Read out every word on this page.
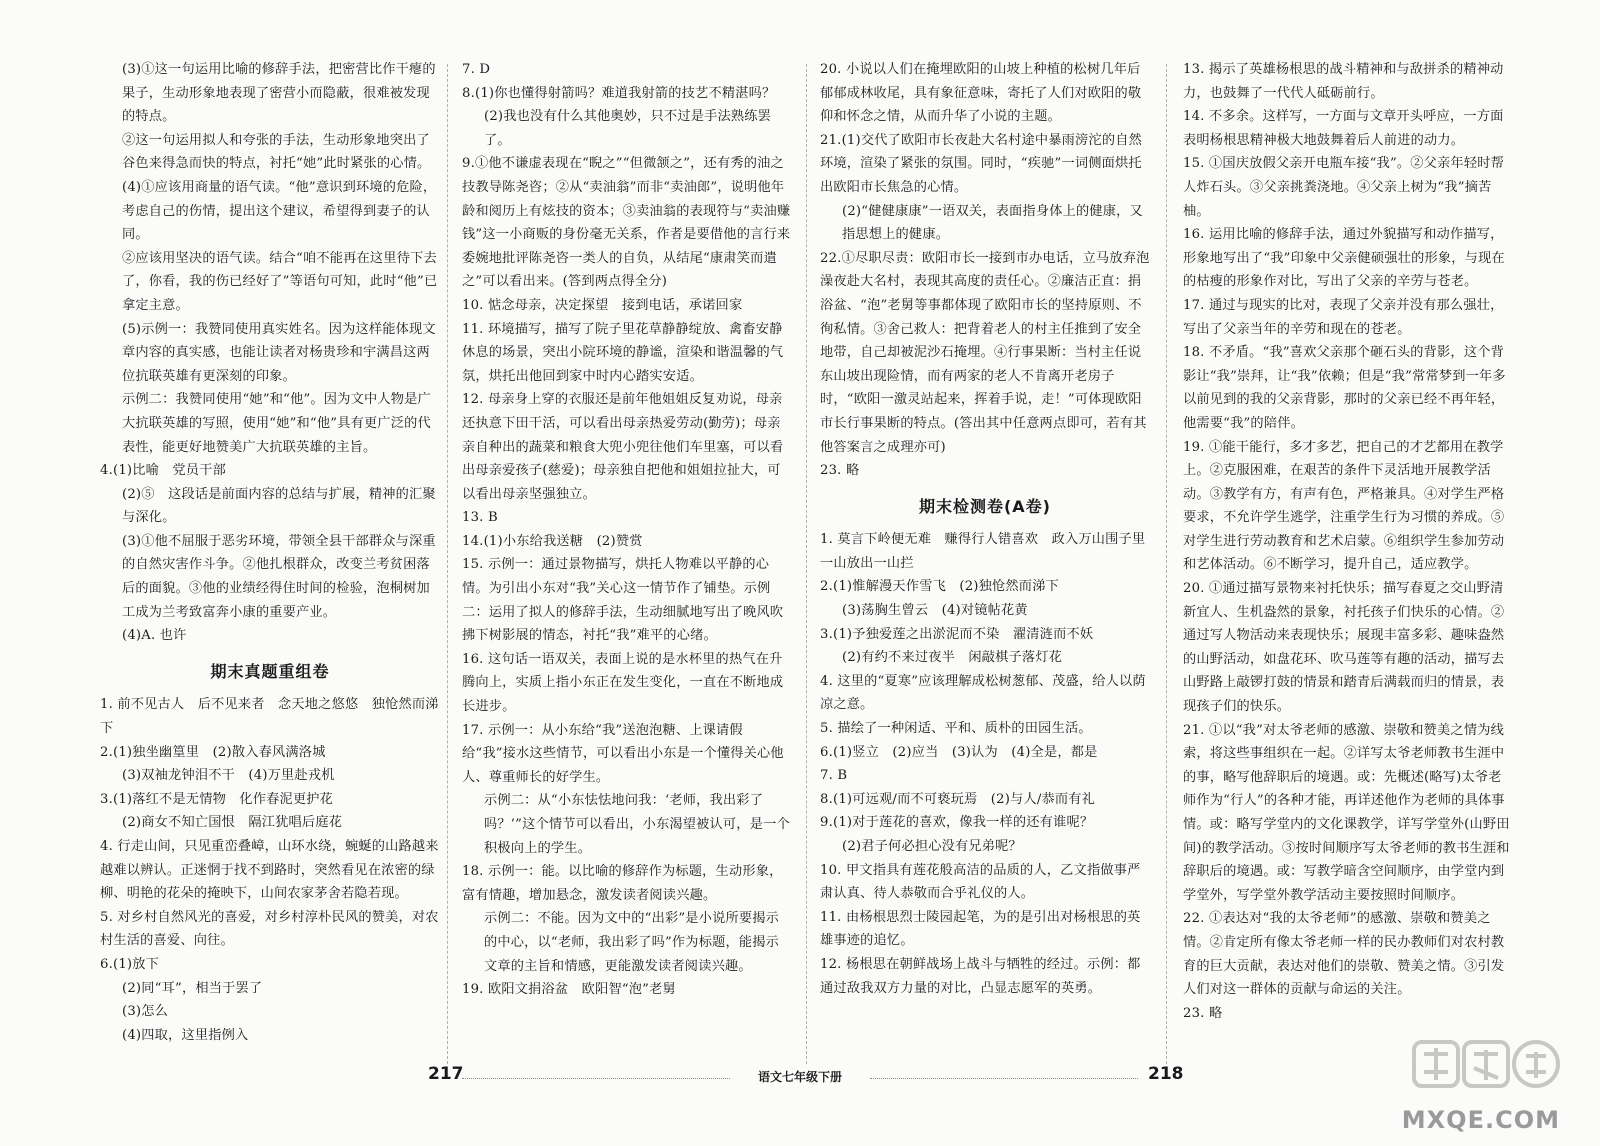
(3)①这一句运用比喻的修辞手法，把密营比作干瘪的果子，生动形象地表现了密营小而隐蔽，很难被发现的特点。

②这一句运用拟人和夸张的手法，生动形象地突出了谷色来得急而快的特点，衬托“她”此时紧张的心情。

(4)①应该用商量的语气读。“他”意识到环境的危险，考虑自己的伤情，提出这个建议，希望得到妻子的认同。

②应该用坚决的语气读。结合“咱不能再在这里待下去了，你看，我的伤已经好了”等语句可知，此时“他”已拿定主意。

(5)示例一：我赞同使用真实姓名。因为这样能体现文章内容的真实感，也能让读者对杨贵珍和宇满昌这两位抗联英雄有更深刻的印象。

示例二：我赞同使用“她”和“他”。因为文中人物是广大抗联英雄的写照，使用“她”和“他”具有更广泛的代表性，能更好地赞美广大抗联英雄的主旨。

4.(1)比喻　党员干部

(2)⑤　这段话是前面内容的总结与扩展，精神的汇聚与深化。

(3)①他不屈服于恶劣环境，带领全县干部群众与深重的自然灾害作斗争。②他扎根群众，改变兰考贫困落后的面貌。③他的业绩经得住时间的检验，泡桐树加工成为兰考致富奔小康的重要产业。

(4)A. 也许

期末真题重组卷

1. 前不见古人　后不见来者　念天地之悠悠　独怆然而涕下

2.(1)独坐幽篁里　(2)散入春风满洛城

(3)双袖龙钟泪不干　(4)万里赴戎机

3.(1)落红不是无情物　化作春泥更护花

(2)商女不知亡国恨　隔江犹唱后庭花

4. 行走山间，只见重峦叠嶂，山环水绕，蜿蜒的山路越来越难以辨认。正迷惘于找不到路时，突然看见在浓密的绿柳、明艳的花朵的掩映下，山间农家茅舍若隐若现。

5. 对乡村自然风光的喜爱，对乡村淳朴民风的赞美，对农村生活的喜爱、向往。

6.(1)放下

(2)同“耳”，相当于罢了

(3)怎么

(4)四取，这里指例入

7. D

8.(1)你也懂得射箭吗？难道我射箭的技艺不精湛吗？

(2)我也没有什么其他奥妙，只不过是手法熟练罢了。

9.①他不谦虚表现在“睨之”“但微颔之”，还有秀的油之技教导陈尧咨；②从“卖油翁”而非“卖油郎”，说明他年龄和阅历上有炫技的资本；③卖油翁的表现符与“卖油赚钱”这一小商贩的身份毫无关系，作者是要借他的言行来委婉地批评陈尧咨一类人的自负，从结尾“康肃笑而遣之”可以看出来。(答到两点得全分)

10. 惦念母亲，决定探望　接到电话，承诺回家

11. 环境描写，描写了院子里花草静静绽放、禽畜安静休息的场景，突出小院环境的静谧，渲染和谐温馨的气氛，烘托出他回到家中时内心踏实安适。

12. 母亲身上穿的衣服还是前年他姐姐反复劝说，母亲还执意下田干活，可以看出母亲热爱劳动(勤劳)；母亲亲自种出的蔬菜和粮食大兜小兜往他们车里塞，可以看出母亲爱孩子(慈爱)；母亲独自把他和姐姐拉扯大，可以看出母亲坚强独立。

13. B

14.(1)小东给我送糖　(2)赞赏

15. 示例一：通过景物描写，烘托人物难以平静的心情。为引出小东对“我”关心这一情节作了铺垫。示例二：运用了拟人的修辞手法，生动细腻地写出了晚风吹拂下树影展的情态，衬托“我”难平的心绪。

16. 这句话一语双关，表面上说的是水杯里的热气在升腾向上，实质上指小东正在发生变化，一直在不断地成长进步。

17. 示例一：从小东给“我”送泡泡糖、上课请假给“我”接水这些情节，可以看出小东是一个懂得关心他人、尊重师长的好学生。

示例二：从“小东怯怯地问我：‘老师，我出彩了吗？’”这个情节可以看出，小东渴望被认可，是一个积极向上的学生。

18. 示例一：能。以比喻的修辞作为标题，生动形象，富有情趣，增加悬念，激发读者阅读兴趣。

示例二：不能。因为文中的“出彩”是小说所要揭示的中心，以“老师，我出彩了吗”作为标题，能揭示文章的主旨和情感，更能激发读者阅读兴趣。

19. 欧阳文捐浴盆　欧阳智“泡”老舅

20. 小说以人们在掩埋欧阳的山坡上种植的松树几年后郁郁成林收尾，具有象征意味，寄托了人们对欧阳的敬仰和怀念之情，从而升华了小说的主题。

21.(1)交代了欧阳市长夜赴大名村途中暴雨滂沱的自然环境，渲染了紧张的氛围。同时，“疾驰”一词侧面烘托出欧阳市长焦急的心情。

(2)“健健康康”一语双关，表面指身体上的健康，又指思想上的健康。

22.①尽职尽责：欧阳市长一接到市办电话，立马放弃泡澡夜赴大名村，表现其高度的责任心。②廉洁正直：捐浴盆、“泡”老舅等事都体现了欧阳市长的坚持原则、不徇私情。③舍己救人：把背着老人的村主任推到了安全地带，自己却被泥沙石掩埋。④行事果断：当村主任说东山坡出现险情，而有两家的老人不肯离开老房子时，“欧阳一激灵站起来，挥着手说，走！”可体现欧阳市长行事果断的特点。(答出其中任意两点即可，若有其他答案言之成理亦可)

23. 略

期末检测卷(A卷)

1. 莫言下岭便无难　赚得行人错喜欢　政入万山围子里一山放出一山拦

2.(1)惟解漫天作雪飞　(2)独怆然而涕下

(3)荡胸生曾云　(4)对镜帖花黄

3.(1)予独爱莲之出淤泥而不染　濯清涟而不妖

(2)有约不来过夜半　闲敲棋子落灯花

4. 这里的“夏寒”应该理解成松树葱郁、茂盛，给人以荫凉之意。

5. 描绘了一种闲适、平和、质朴的田园生活。

6.(1)竖立　(2)应当　(3)认为　(4)全是，都是

7. B

8.(1)可远观/而不可亵玩焉　(2)与人/恭而有礼

9.(1)对于莲花的喜欢，像我一样的还有谁呢？

(2)君子何必担心没有兄弟呢？

10. 甲文指具有莲花般高洁的品质的人，乙文指做事严肃认真、待人恭敬而合乎礼仪的人。

11. 由杨根思烈士陵园起笔，为的是引出对杨根思的英雄事迹的追忆。

12. 杨根思在朝鲜战场上战斗与牺牲的经过。示例：都通过敌我双方力量的对比，凸显志愿军的英勇。

13. 揭示了英雄杨根思的战斗精神和与敌拼杀的精神动力，也鼓舞了一代代人砥砺前行。

14. 不多余。这样写，一方面与文章开头呼应，一方面表明杨根思精神极大地鼓舞着后人前进的动力。

15. ①国庆放假父亲开电瓶车接“我”。②父亲年轻时帮人炸石头。③父亲挑粪浇地。④父亲上树为“我”摘苦柚。

16. 运用比喻的修辞手法，通过外貌描写和动作描写，形象地写出了“我”印象中父亲健硕强壮的形象，与现在的枯瘦的形象作对比，写出了父亲的辛劳与苍老。

17. 通过与现实的比对，表现了父亲并没有那么强壮，写出了父亲当年的辛劳和现在的苍老。

18. 不矛盾。“我”喜欢父亲那个砸石头的背影，这个背影让“我”崇拜，让“我”依赖；但是“我”常常梦到一年多以前见到的我的父亲背影，那时的父亲已经不再年轻，他需要“我”的陪伴。

19. ①能干能行，多才多艺，把自己的才艺都用在教学上。②克服困难，在艰苦的条件下灵活地开展教学活动。③教学有方，有声有色，严格兼具。④对学生严格要求，不允许学生逃学，注重学生行为习惯的养成。⑤对学生进行劳动教育和艺术启蒙。⑥组织学生参加劳动和艺体活动。⑥不断学习，提升自己，适应教学。

20. ①通过描写景物来衬托快乐；描写春夏之交山野清新宜人、生机盎然的景象，衬托孩子们快乐的心情。②通过写人物活动来表现快乐；展现丰富多彩、趣味盎然的山野活动，如盘花环、吹马莲等有趣的活动，描写去山野路上敲锣打鼓的情景和踏青后满载而归的情景，表现孩子们的快乐。

21. ①以“我”对太爷老师的感激、崇敬和赞美之情为线索，将这些事组织在一起。②详写太爷老师教书生涯中的事，略写他辞职后的境遇。或：先概述(略写)太爷老师作为“行人”的各种才能，再详述他作为老师的具体事情。或：略写学堂内的文化课教学，详写学堂外(山野田间)的教学活动。③按时间顺序写太爷老师的教书生涯和辞职后的境遇。或：写教学暗含空间顺序，由学堂内到学堂外，写学堂外教学活动主要按照时间顺序。

22. ①表达对“我的太爷老师”的感激、崇敬和赞美之情。②肯定所有像太爷老师一样的民办教师们对农村教育的巨大贡献，表达对他们的崇敬、赞美之情。③引发人们对这一群体的贡献与命运的关注。

23. 略

217	语文七年级下册	218
MXQE.COM
